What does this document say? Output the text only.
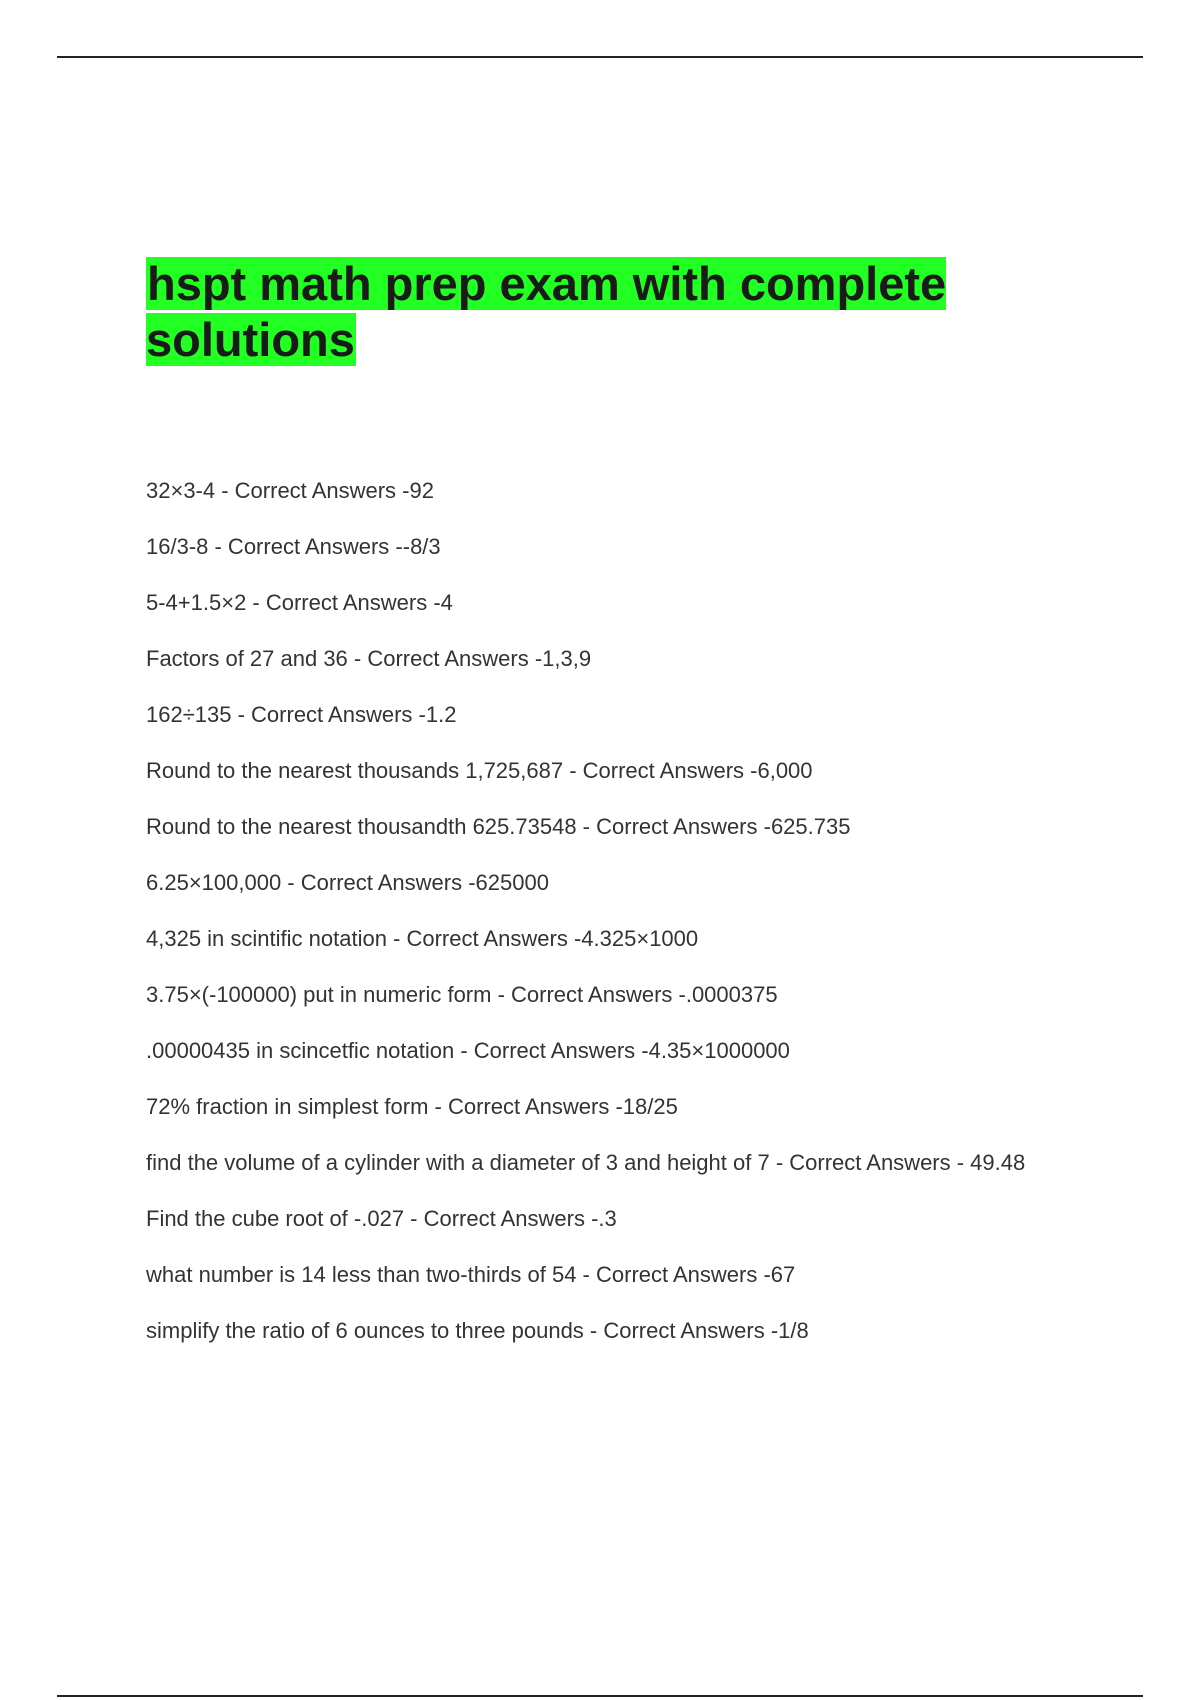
hspt math prep exam with complete solutions
32×3-4 - Correct Answers -92
16/3-8 - Correct Answers --8/3
5-4+1.5×2 - Correct Answers -4
Factors of 27 and 36 - Correct Answers -1,3,9
162÷135 - Correct Answers -1.2
Round to the nearest thousands 1,725,687 - Correct Answers -6,000
Round to the nearest thousandth 625.73548 - Correct Answers -625.735
6.25×100,000 - Correct Answers -625000
4,325 in scintific notation - Correct Answers -4.325×1000
3.75×(-100000) put in numeric form - Correct Answers -.0000375
.00000435 in scincetfic notation - Correct Answers -4.35×1000000
72% fraction in simplest form - Correct Answers -18/25
find the volume of a cylinder with a diameter of 3 and height of 7 - Correct Answers - 49.48
Find the cube root of -.027 - Correct Answers -.3
what number is 14 less than two-thirds of 54 - Correct Answers -67
simplify the ratio of 6 ounces to three pounds - Correct Answers -1/8
